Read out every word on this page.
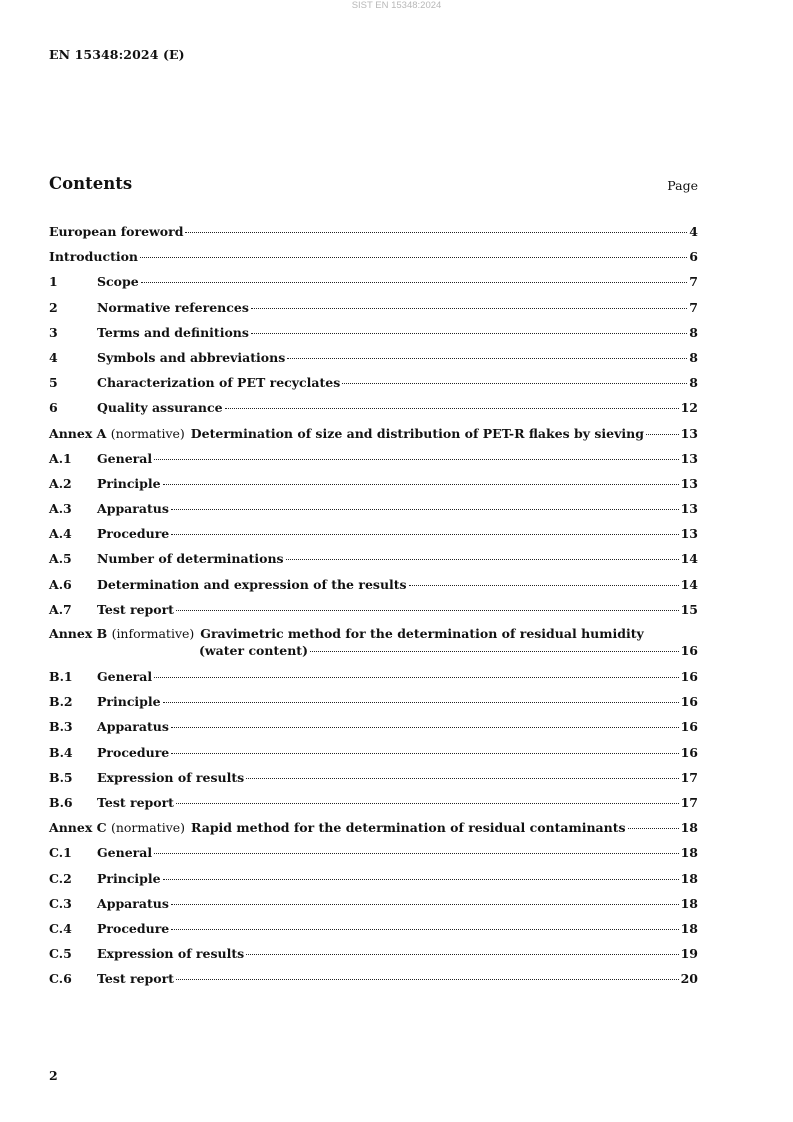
SIST EN 15348:2024
EN 15348:2024 (E)
Contents	Page
European foreword	4
Introduction	6
1	Scope	7
2	Normative references	7
3	Terms and definitions	8
4	Symbols and abbreviations	8
5	Characterization of PET recyclates	8
6	Quality assurance	12
Annex A (normative) Determination of size and distribution of PET-R flakes by sieving	13
A.1	General	13
A.2	Principle	13
A.3	Apparatus	13
A.4	Procedure	13
A.5	Number of determinations	14
A.6	Determination and expression of the results	14
A.7	Test report	15
Annex B (informative) Gravimetric method for the determination of residual humidity
(water content)	16
B.1	General	16
B.2	Principle	16
B.3	Apparatus	16
B.4	Procedure	16
B.5	Expression of results	17
B.6	Test report	17
Annex C (normative) Rapid method for the determination of residual contaminants	18
C.1	General	18
C.2	Principle	18
C.3	Apparatus	18
C.4	Procedure	18
C.5	Expression of results	19
C.6	Test report	20
2
